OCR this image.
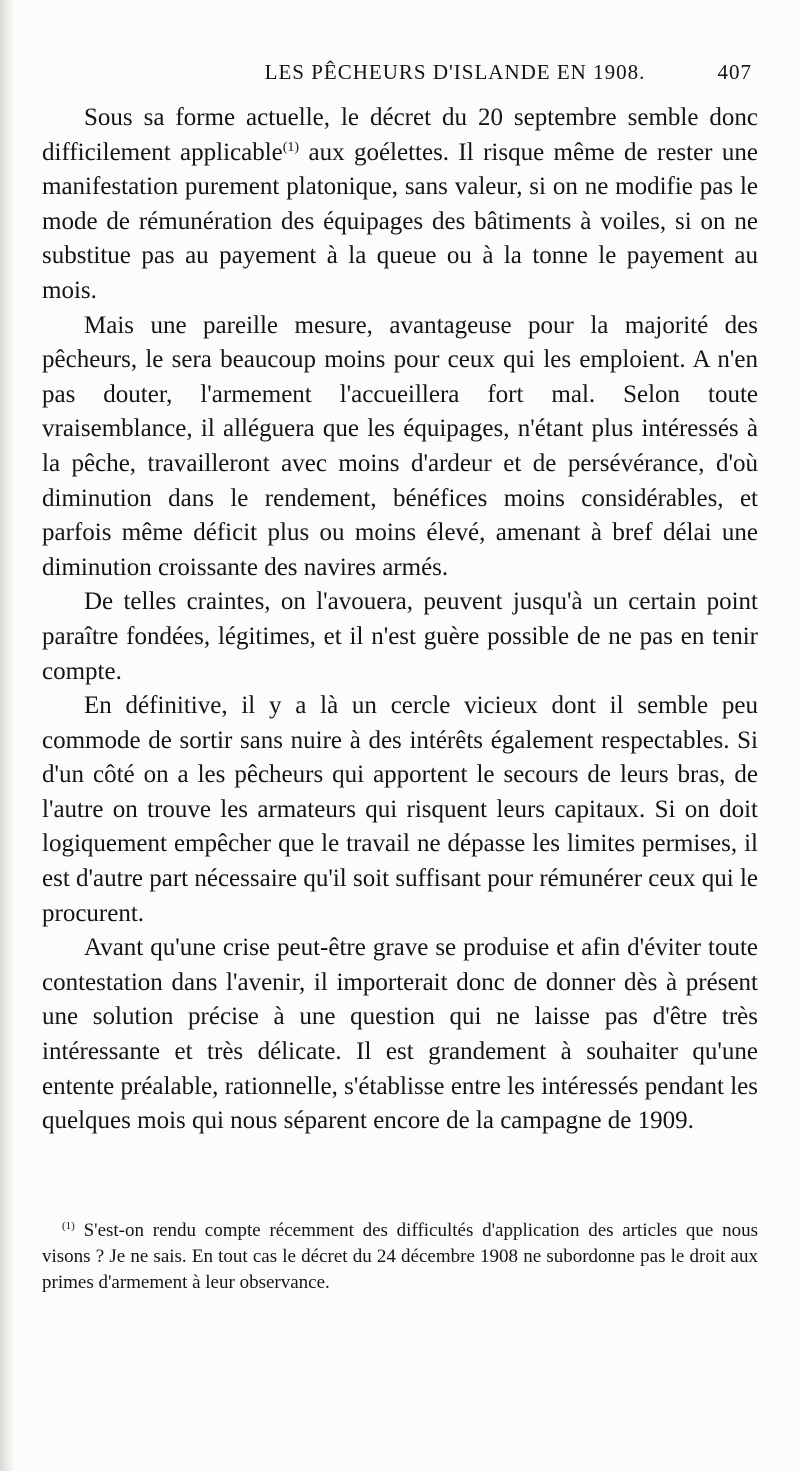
LES PÊCHEURS D'ISLANDE EN 1908.	407

Sous sa forme actuelle, le décret du 20 septembre semble donc difficilement applicable$^{(1)}$ aux goélettes. Il risque même de rester une manifestation purement platonique, sans valeur, si on ne modifie pas le mode de rémunération des équipages des bâtiments à voiles, si on ne substitue pas au payement à la queue ou à la tonne le payement au mois.

Mais une pareille mesure, avantageuse pour la majorité des pêcheurs, le sera beaucoup moins pour ceux qui les emploient. A n'en pas douter, l'armement l'accueillera fort mal. Selon toute vraisemblance, il alléguera que les équipages, n'étant plus intéressés à la pêche, travailleront avec moins d'ardeur et de persévérance, d'où diminution dans le rendement, bénéfices moins considérables, et parfois même déficit plus ou moins élevé, amenant à bref délai une diminution croissante des navires armés.

De telles craintes, on l'avouera, peuvent jusqu'à un certain point paraître fondées, légitimes, et il n'est guère possible de ne pas en tenir compte.

En définitive, il y a là un cercle vicieux dont il semble peu commode de sortir sans nuire à des intérêts également respectables. Si d'un côté on a les pêcheurs qui apportent le secours de leurs bras, de l'autre on trouve les armateurs qui risquent leurs capitaux. Si on doit logiquement empêcher que le travail ne dépasse les limites permises, il est d'autre part nécessaire qu'il soit suffisant pour rémunérer ceux qui le procurent.

Avant qu'une crise peut-être grave se produise et afin d'éviter toute contestation dans l'avenir, il importerait donc de donner dès à présent une solution précise à une question qui ne laisse pas d'être très intéressante et très délicate. Il est grandement à souhaiter qu'une entente préalable, rationnelle, s'établisse entre les intéressés pendant les quelques mois qui nous séparent encore de la campagne de 1909.

$^{(1)}$ S'est-on rendu compte récemment des difficultés d'application des articles que nous visons ? Je ne sais. En tout cas le décret du 24 décembre 1908 ne subordonne pas le droit aux primes d'armement à leur observance.
